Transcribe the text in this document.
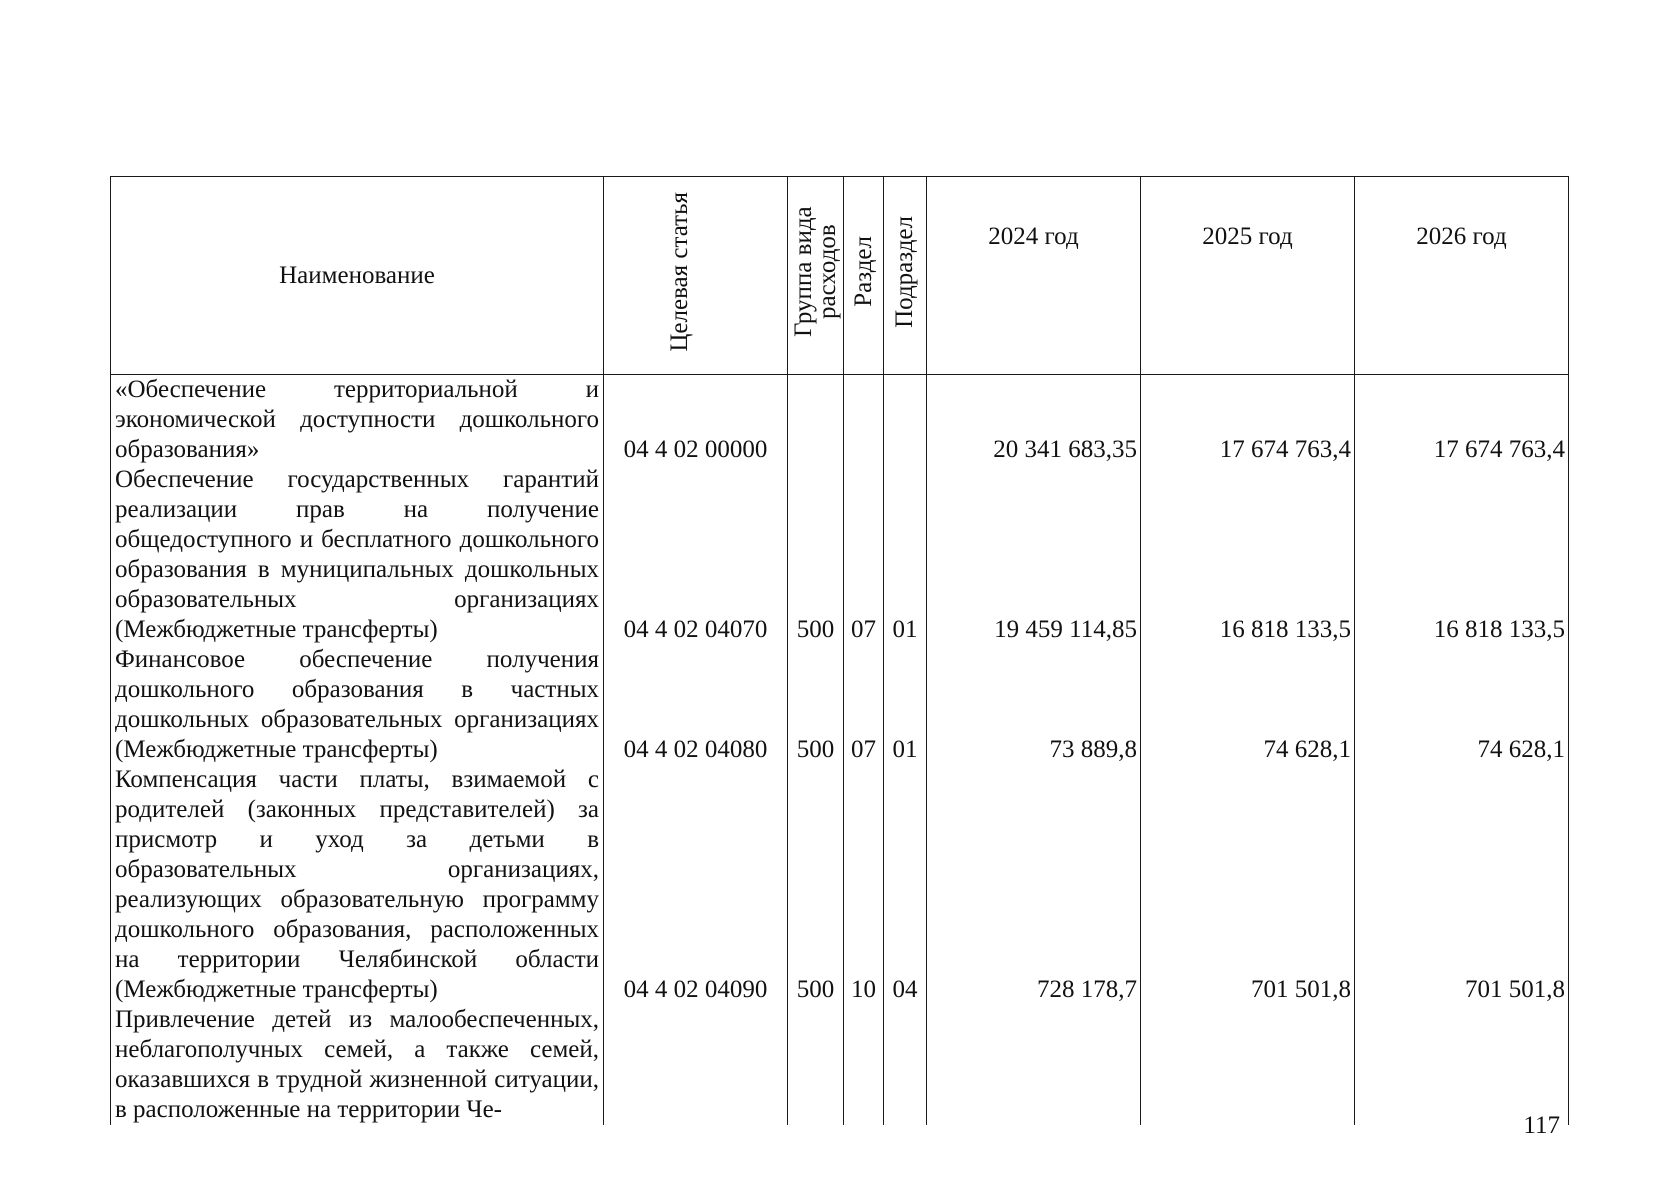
Наименование	Целевая статья	Группа вида расходов	Раздел	Подраздел	2024 год	2025 год	2026 год
«Обеспечение территориальной и экономической доступности дошкольного образования»	04 4 02 00000				20 341 683,35	17 674 763,4	17 674 763,4
Обеспечение государственных гарантий реализации прав на получение общедоступного и бесплатного дошкольного образования в муниципальных дошкольных образовательных организациях (Межбюджетные трансферты)	04 4 02 04070	500	07	01	19 459 114,85	16 818 133,5	16 818 133,5
Финансовое обеспечение получения дошкольного образования в частных дошкольных образовательных организациях (Межбюджетные трансферты)	04 4 02 04080	500	07	01	73 889,8	74 628,1	74 628,1
Компенсация части платы, взимаемой с родителей (законных представителей) за присмотр и уход за детьми в образовательных организациях, реализующих образовательную программу дошкольного образования, расположенных на территории Челябинской области (Межбюджетные трансферты)	04 4 02 04090	500	10	04	728 178,7	701 501,8	701 501,8
Привлечение детей из малообеспеченных, неблагополучных семей, а также семей, оказавшихся в трудной жизненной ситуации, в расположенные на территории Че-							
117
